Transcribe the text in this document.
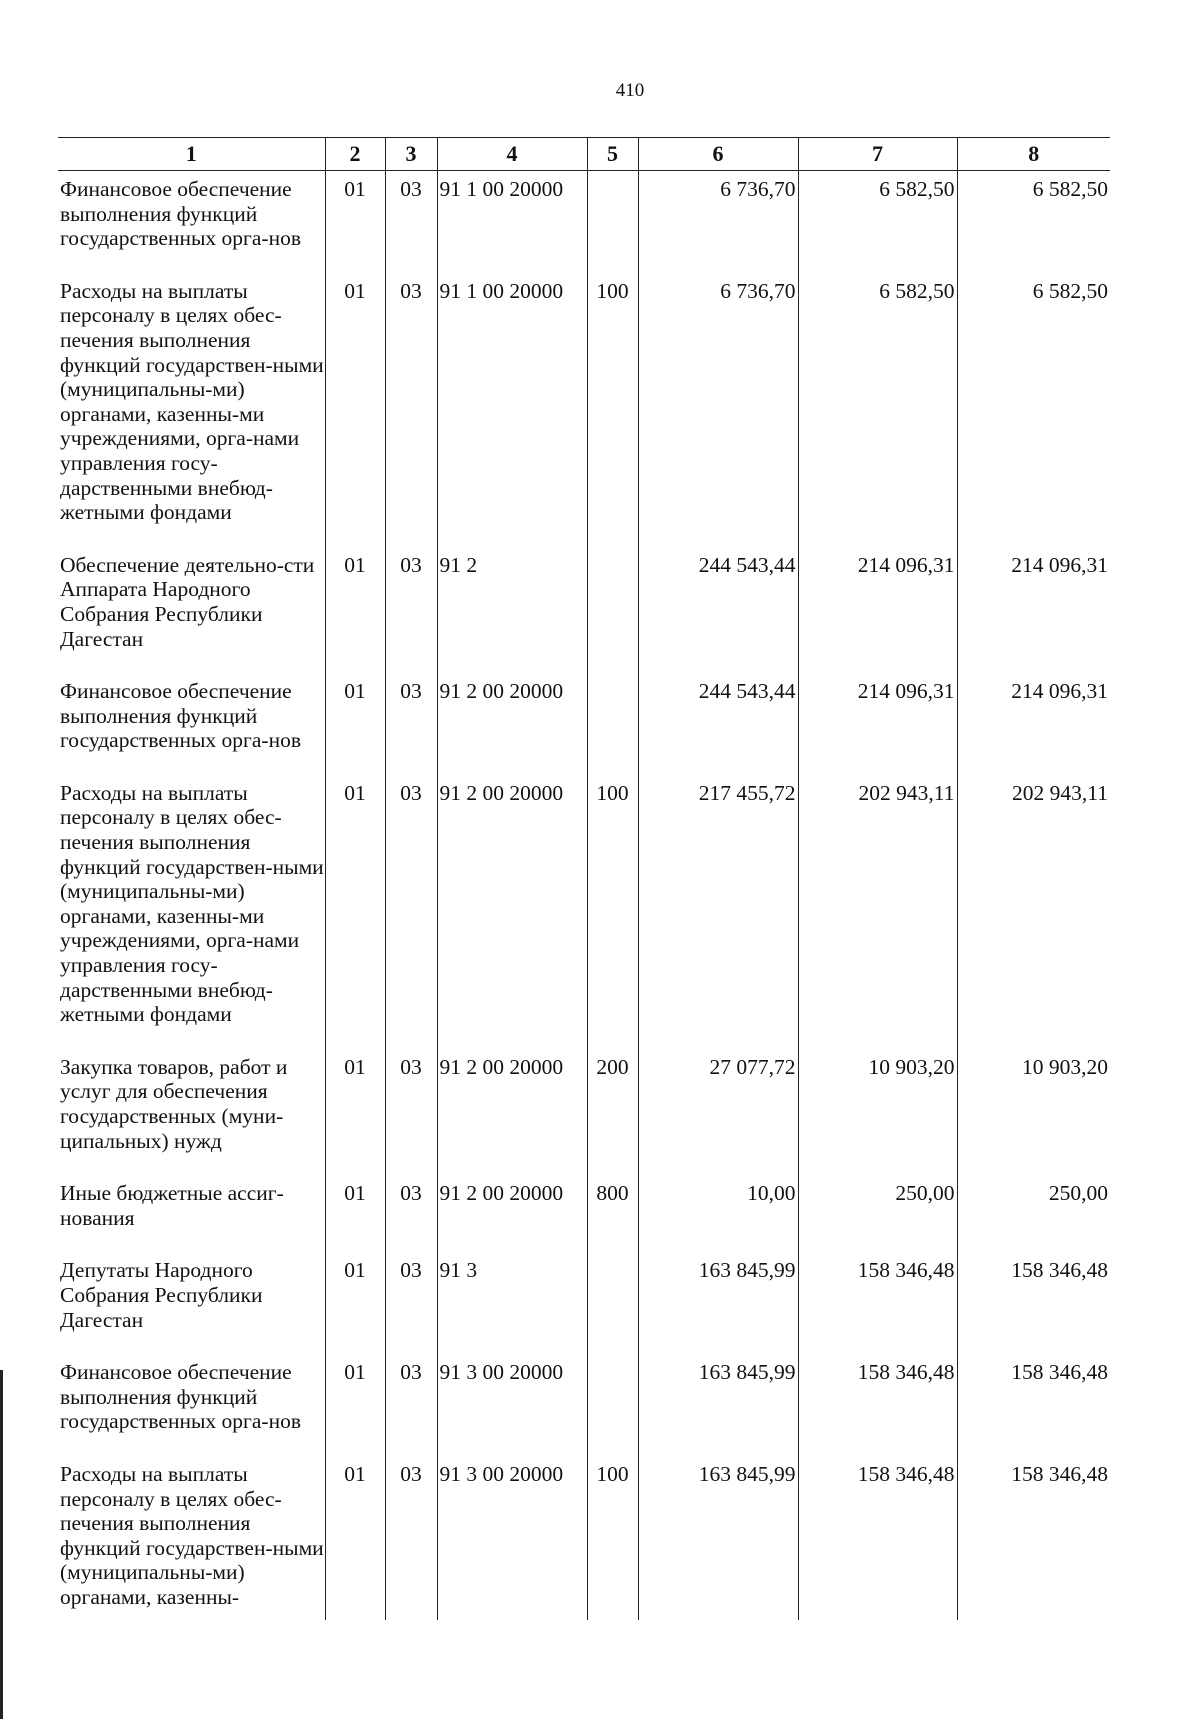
410
1	2	3	4	5	6	7	8
Финансовое обеспечение выполнения функций государственных орга-нов	01	03	91 1 00 20000		6 736,70	6 582,50	6 582,50
Расходы на выплаты персоналу в целях обес-печения выполнения функций государствен-ными (муниципальны-ми) органами, казенны-ми учреждениями, орга-нами управления госу-дарственными внебюд-жетными фондами	01	03	91 1 00 20000	100	6 736,70	6 582,50	6 582,50
Обеспечение деятельно-сти Аппарата Народного Собрания Республики Дагестан	01	03	91 2		244 543,44	214 096,31	214 096,31
Финансовое обеспечение выполнения функций государственных орга-нов	01	03	91 2 00 20000		244 543,44	214 096,31	214 096,31
Расходы на выплаты персоналу в целях обес-печения выполнения функций государствен-ными (муниципальны-ми) органами, казенны-ми учреждениями, орга-нами управления госу-дарственными внебюд-жетными фондами	01	03	91 2 00 20000	100	217 455,72	202 943,11	202 943,11
Закупка товаров, работ и услуг для обеспечения государственных (муни-ципальных) нужд	01	03	91 2 00 20000	200	27 077,72	10 903,20	10 903,20
Иные бюджетные ассиг-нования	01	03	91 2 00 20000	800	10,00	250,00	250,00
Депутаты Народного Собрания Республики Дагестан	01	03	91 3		163 845,99	158 346,48	158 346,48
Финансовое обеспечение выполнения функций государственных орга-нов	01	03	91 3 00 20000		163 845,99	158 346,48	158 346,48
Расходы на выплаты персоналу в целях обес-печения выполнения функций государствен-ными (муниципальны-ми) органами, казенны-	01	03	91 3 00 20000	100	163 845,99	158 346,48	158 346,48
